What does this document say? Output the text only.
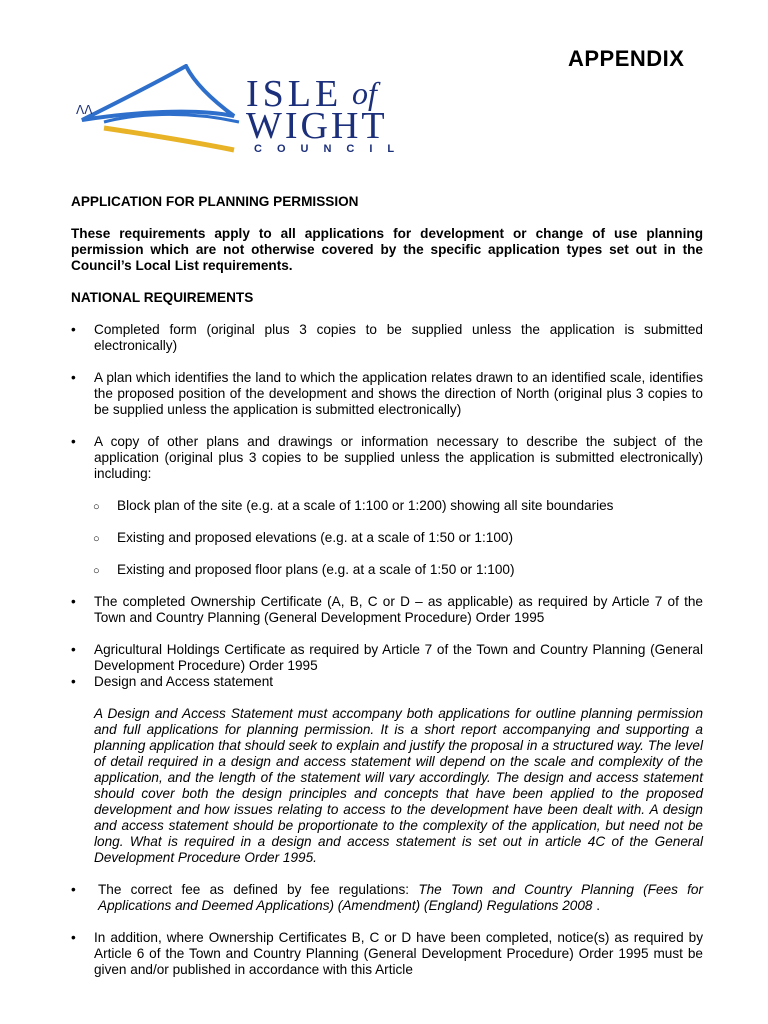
APPENDIX
ᐱᐱ	ISLE of
WIGHT
COUNCIL

APPLICATION FOR PLANNING PERMISSION

These requirements apply to all applications for development or change of use planning permission which are not otherwise covered by the specific application types set out in the Council’s Local List requirements.

NATIONAL REQUIREMENTS

• Completed form (original plus 3 copies to be supplied unless the application is submitted electronically)

• A plan which identifies the land to which the application relates drawn to an identified scale, identifies the proposed position of the development and shows the direction of North (original plus 3 copies to be supplied unless the application is submitted electronically)

• A copy of other plans and drawings or information necessary to describe the subject of the application (original plus 3 copies to be supplied unless the application is submitted electronically) including:

○ Block plan of the site (e.g. at a scale of 1:100 or 1:200) showing all site boundaries

○ Existing and proposed elevations (e.g. at a scale of 1:50 or 1:100)

○ Existing and proposed floor plans (e.g. at a scale of 1:50 or 1:100)

• The completed Ownership Certificate (A, B, C or D – as applicable) as required by Article 7 of the Town and Country Planning (General Development Procedure) Order 1995

• Agricultural Holdings Certificate as required by Article 7 of the Town and Country Planning (General Development Procedure) Order 1995

• Design and Access statement

A Design and Access Statement must accompany both applications for outline planning permission and full applications for planning permission. It is a short report accompanying and supporting a planning application that should seek to explain and justify the proposal in a structured way. The level of detail required in a design and access statement will depend on the scale and complexity of the application, and the length of the statement will vary accordingly. The design and access statement should cover both the design principles and concepts that have been applied to the proposed development and how issues relating to access to the development have been dealt with. A design and access statement should be proportionate to the complexity of the application, but need not be long. What is required in a design and access statement is set out in article 4C of the General Development Procedure Order 1995.

• The correct fee as defined by fee regulations: The Town and Country Planning (Fees for Applications and Deemed Applications) (Amendment) (England) Regulations 2008 .

• In addition, where Ownership Certificates B, C or D have been completed, notice(s) as required by Article 6 of the Town and Country Planning (General Development Procedure) Order 1995 must be given and/or published in accordance with this Article
